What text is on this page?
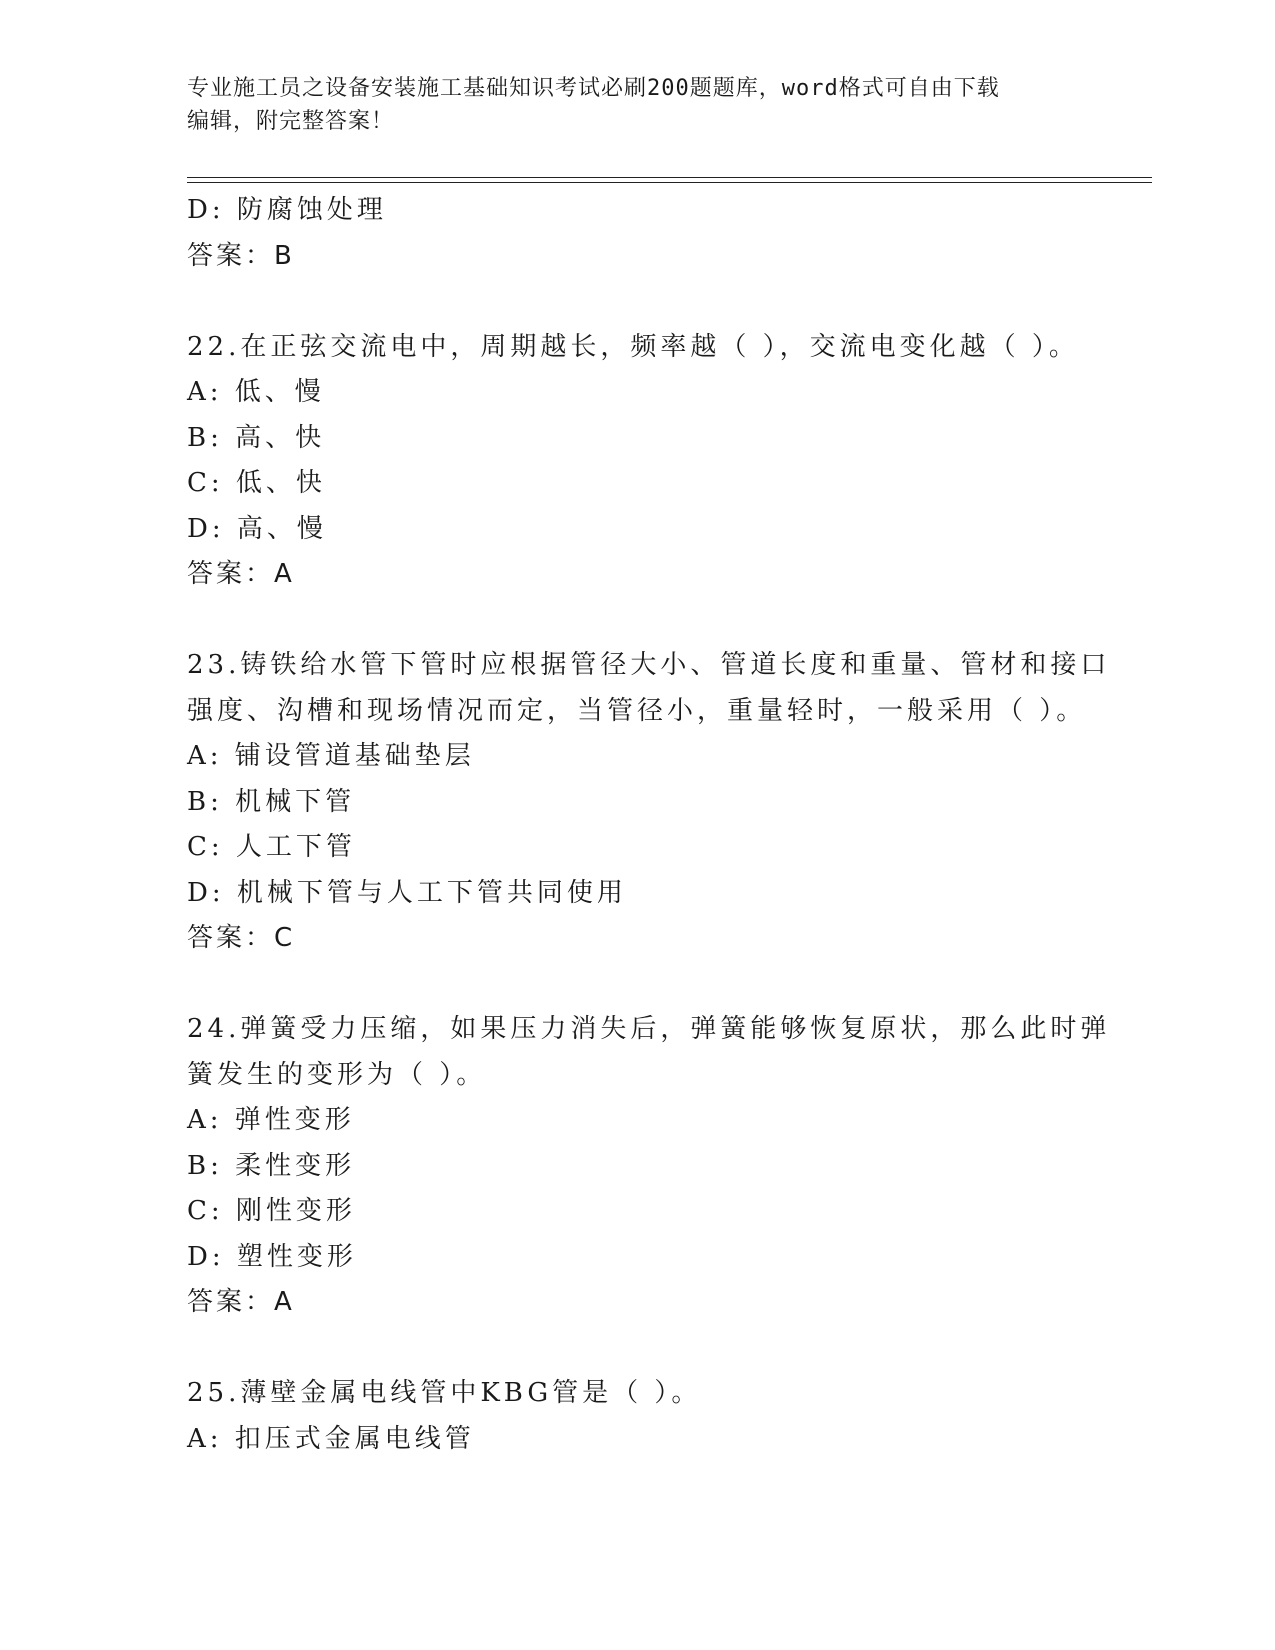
专业施工员之设备安装施工基础知识考试必刷200题题库，word格式可自由下载
编辑，附完整答案！
D: 防腐蚀处理
答案：B
22.在正弦交流电中，周期越长，频率越（ ），交流电变化越（ ）。
A: 低、慢
B: 高、快
C: 低、快
D: 高、慢
答案：A
23.铸铁给水管下管时应根据管径大小、管道长度和重量、管材和接口
强度、沟槽和现场情况而定，当管径小，重量轻时，一般采用（ ）。
A: 铺设管道基础垫层
B: 机械下管
C: 人工下管
D: 机械下管与人工下管共同使用
答案：C
24.弹簧受力压缩，如果压力消失后，弹簧能够恢复原状，那么此时弹
簧发生的变形为（ ）。
A: 弹性变形
B: 柔性变形
C: 刚性变形
D: 塑性变形
答案：A
25.薄壁金属电线管中KBG管是（ ）。
A: 扣压式金属电线管
